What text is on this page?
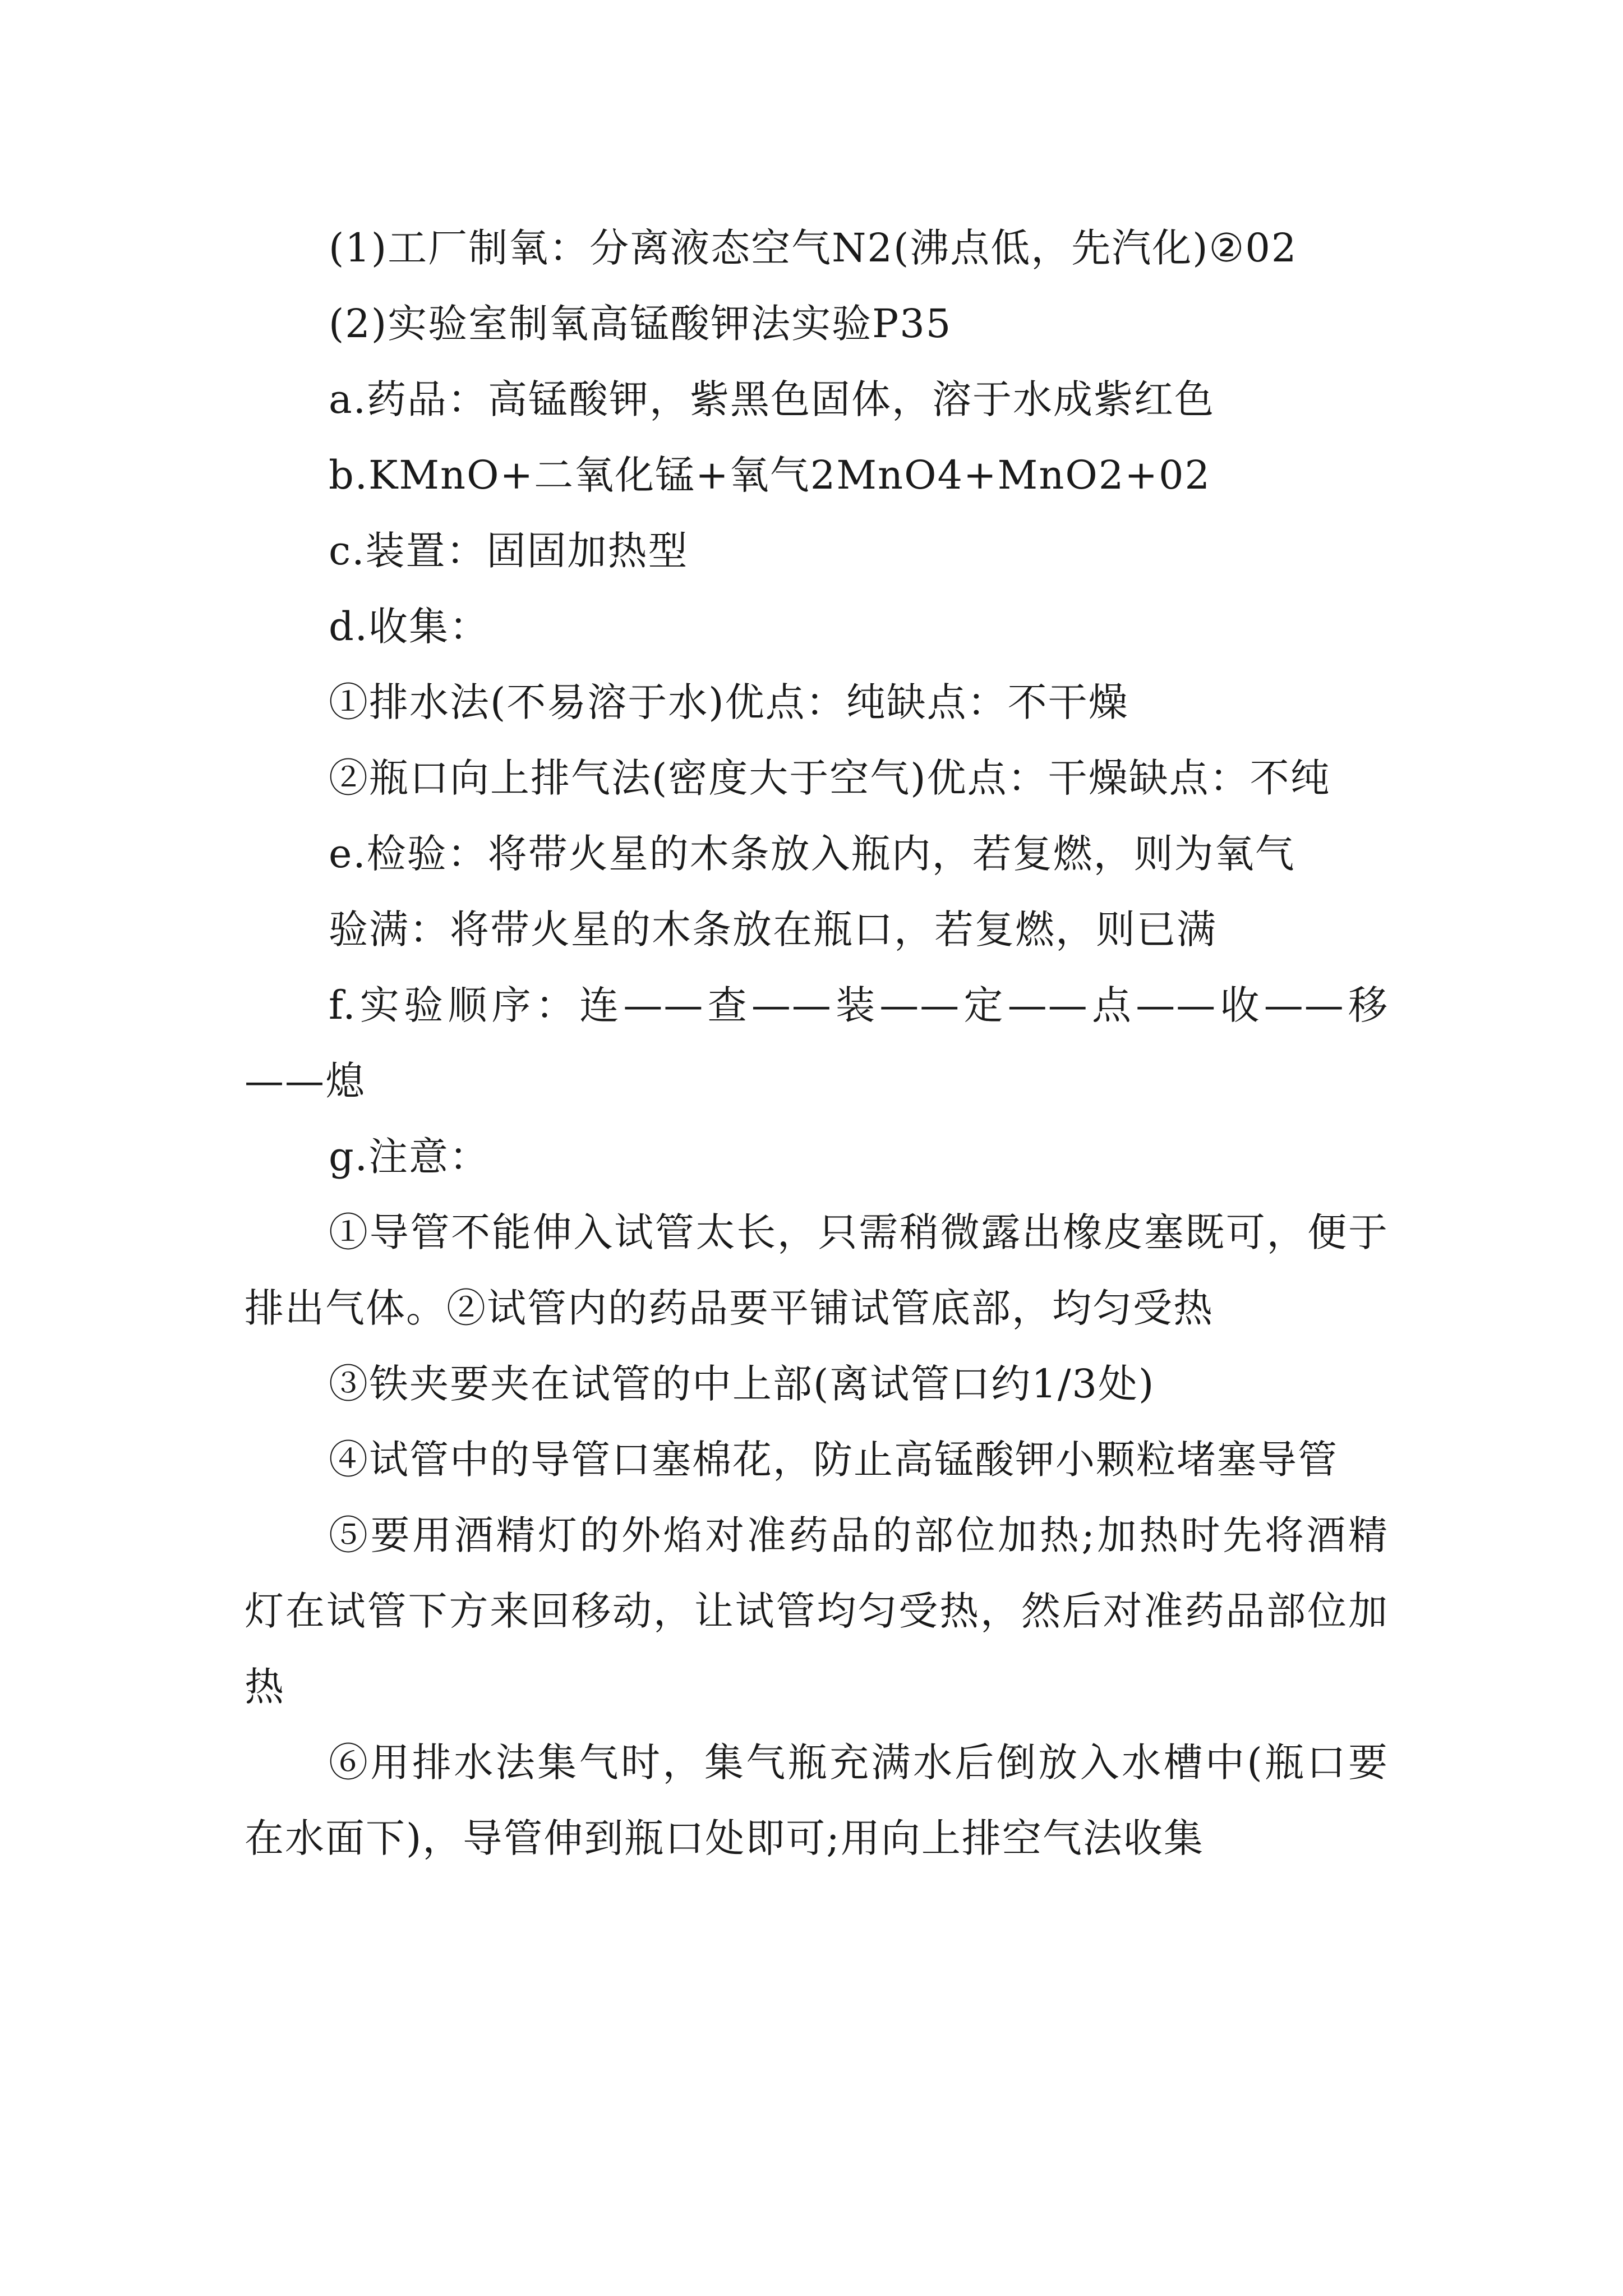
(1)工厂制氧：分离液态空气N2(沸点低，先汽化)②02

(2)实验室制氧高锰酸钾法实验P35

a.药品：高锰酸钾，紫黑色固体，溶于水成紫红色

b.KMnO+二氧化锰+氧气2MnO4+MnO2+02

c.装置：固固加热型

d.收集：

①排水法(不易溶于水)优点：纯缺点：不干燥

②瓶口向上排气法(密度大于空气)优点：干燥缺点：不纯

e.检验：将带火星的木条放入瓶内，若复燃，则为氧气

验满：将带火星的木条放在瓶口，若复燃，则已满

f.实验顺序：连——查——装——定——点——收——移——熄

g.注意：

①导管不能伸入试管太长，只需稍微露出橡皮塞既可，便于排出气体。②试管内的药品要平铺试管底部，均匀受热

③铁夹要夹在试管的中上部(离试管口约1/3处)

④试管中的导管口塞棉花，防止高锰酸钾小颗粒堵塞导管

⑤要用酒精灯的外焰对准药品的部位加热;加热时先将酒精灯在试管下方来回移动，让试管均匀受热，然后对准药品部位加热

⑥用排水法集气时，集气瓶充满水后倒放入水槽中(瓶口要在水面下)，导管伸到瓶口处即可;用向上排空气法收集
